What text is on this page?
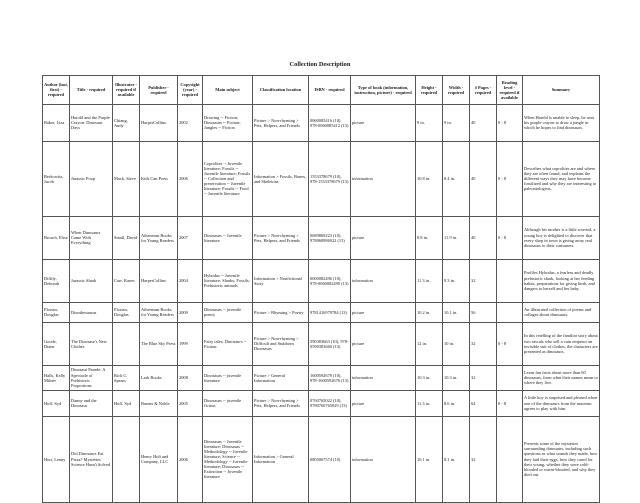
Collection Description
Author (last, first) - required	Title - required	Illustrator - required if available	Publisher - required	Copyright (year) - required	Main subject	Classification location	ISBN - required	Type of book (information, instruction, picture) - required	Height - required	Width - required	# Pages - required	Reading level - required if available	Summary
Baker, Liza	Harold and the Purple Crayon: Dinosaur Days	Chiang, Andy	HarperCollins	2002	Drawing -- Fiction; Dinosaurs -- Fiction; Jungles -- Fiction	Picture > Non-rhyming > Pets, Helpers, and Friends	0060085416 (10), 978-0060085412 (13)	picture	9 in.	9 in.	40	0 - 8	When Harold is unable to sleep, he uses his purple crayon to draw a jungle in which he hopes to find dinosaurs.
Berkowitz, Jacob	Jurassic Poop	Mack, Steve	Kids Can Press	2006	Coprolites -- Juvenile literature; Fossils -- Juvenile literature; Fossils -- Collection and preservation -- Juvenile literature; Fossils -- Food -- Juvenile literature	Information > Fossils, Bones, and Skeletons	1553378679 (10), 978-1553378679 (13)	information	10.8 in.	8.4 in.	40	0 - 8	Describes what coprolites are and where they are often found, and explains the different ways they may have become fossilized and why they are interesting to paleontologists.
Broach, Elise	When Dinosaurs Came With Everything	Small, David	Atheneum Books for Young Readers	2007	Dinosaurs -- Juvenile literature	Picture > Non-rhyming > Pets, Helpers, and Friends	0689869223 (10), 978068986922 (13)	picture	8.8 in.	11.9 in.	40	0 - 8	Although his mother is a little worried, a young boy is delighted to discover that every shop in town is giving away real dinosaurs to their customers.
Diffily, Deborah	Jurassic Shark	Carr, Karen	HarperCollins	2004	Hybodus -- Juvenile literature; Sharks; Fossils; Prehistoric animals	Information > Nonfictional Story	0060082496 (10), 978-0060082499 (13)	information	11.3 in.	9.3 in.	32		Profiles Hybodus, a fearless and deadly prehistoric shark, looking at her feeding habits, preparations for giving birth, and dangers to herself and her baby.
Florian, Douglas	Dinothesaurus	Florian, Douglas	Atheneum Books for Young Readers	2009	Dinosaurs -- juvenile poetry	Picture > Rhyming > Poetry	9781416979784 (13)	picture	10.2 in.	10.1 in.	56		An illustrated collection of poems and collages about dinosaurs.
Goode, Diane	The Dinosaur's New Clothes		The Blue Sky Press	1999	Fairy tales; Dinosaurs -- Fiction	Picture > Non-rhyming > Difficult and Stubborn Dinosaurs	590383663 (10), 978-0590383660 (13)	picture	12 in.	10 in.	32	0 - 8	In this retelling of the familiar story about two rascals who sell a vain emperor an invisible suit of clothes, the characters are presented as dinosaurs.
Halls, Kelly Milner	Dinosaur Parade: A Spectacle of Prehistoric Proportions	Rick C. Spears	Lark Books	2008	Dinosaurs -- juvenile literature	Picture > General Information	1600592678 (10), 978-1600592676 (13)	information	10.3 in.	10.3 in.	32		Learn fun facts about more than 60 dinosaurs, from what their names mean to where they live.
Hoff, Syd	Danny and the Dinosaur	Hoff, Syd	Barnes & Noble	2005	Dinosaurs -- juvenile fiction	Picture > Non-rhyming > Pets, Helpers, and Friends	0760765022 (10), 9780760765029 (13)	picture	11.3 in.	8.6 in.	64	0 - 8	A little boy is surprised and pleased when one of the dinosaurs from the museum agrees to play with him.
Hort, Lenny	Did Dinosaurs Eat Pizza? Mysteries Science Hasn't Solved		Henry Holt and Company, LLC	2006	Dinosaurs -- Juvenile literature; Dinosaurs -- Methodology -- Juvenile literature; Science -- Methodology -- Juvenile literature; Dinosaurs -- Extinction -- Juvenile literature	Information > General Information	0805067574 (10)	information	10.1 in.	8.1 in.	32		Presents some of the mysteries surrounding dinosaurs, including such questions as what sounds they made, how they laid their eggs, how they cared for their young, whether they were cold-blooded or warm-blooded, and why they died out.
